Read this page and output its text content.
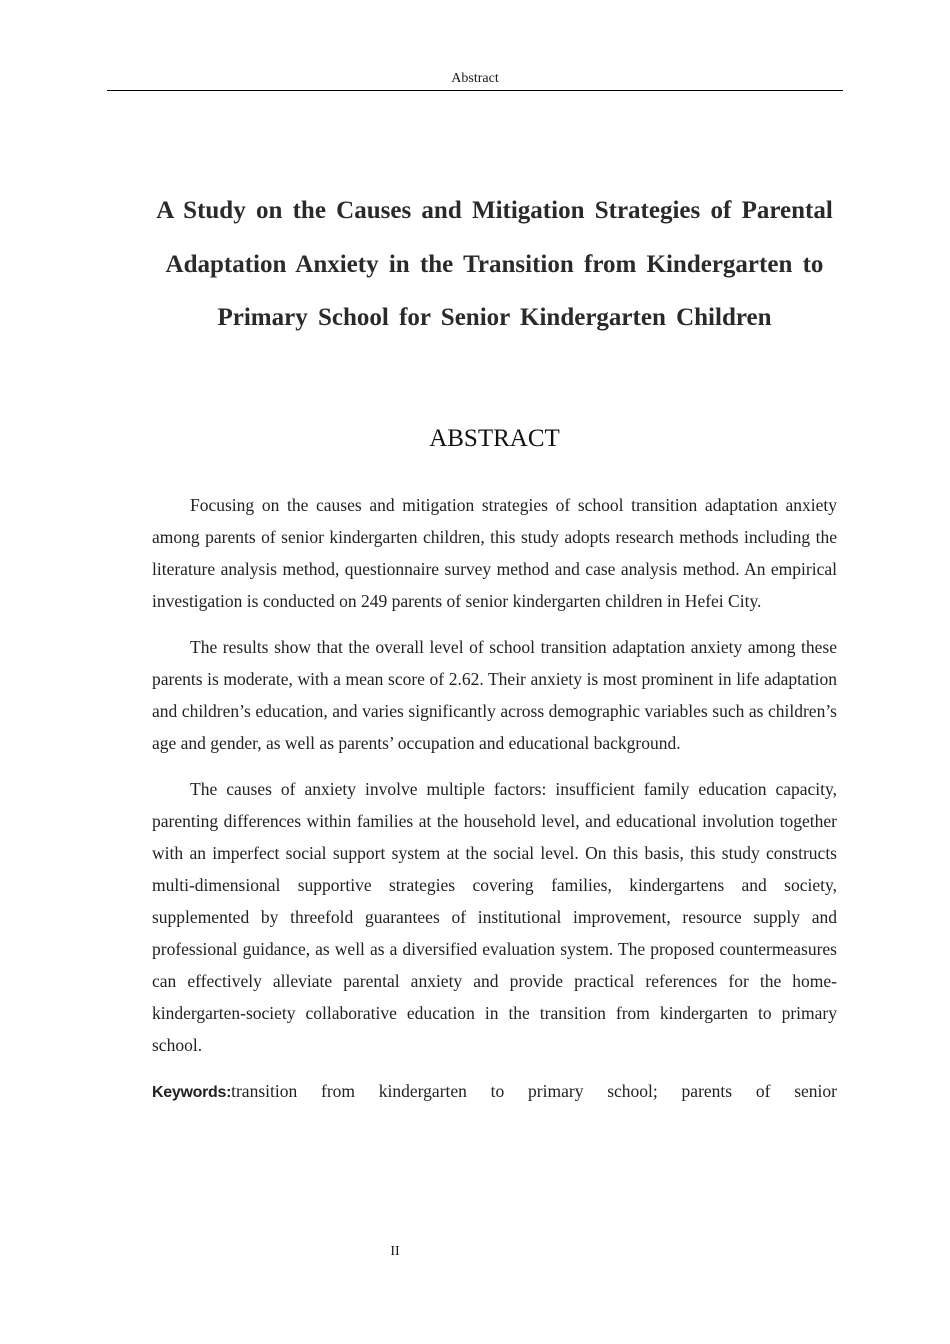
Abstract
A Study on the Causes and Mitigation Strategies of Parental Adaptation Anxiety in the Transition from Kindergarten to Primary School for Senior Kindergarten Children
ABSTRACT

Focusing on the causes and mitigation strategies of school transition adaptation anxiety among parents of senior kindergarten children, this study adopts research methods including the literature analysis method, questionnaire survey method and case analysis method. An empirical investigation is conducted on 249 parents of senior kindergarten children in Hefei City.

The results show that the overall level of school transition adaptation anxiety among these parents is moderate, with a mean score of 2.62. Their anxiety is most prominent in life adaptation and children’s education, and varies significantly across demographic variables such as children’s age and gender, as well as parents’ occupation and educational background.

The causes of anxiety involve multiple factors: insufficient family education capacity, parenting differences within families at the household level, and educational involution together with an imperfect social support system at the social level. On this basis, this study constructs multi-dimensional supportive strategies covering families, kindergartens and society, supplemented by threefold guarantees of institutional improvement, resource supply and professional guidance, as well as a diversified evaluation system. The proposed countermeasures can effectively alleviate parental anxiety and provide practical references for the home-kindergarten-society collaborative education in the transition from kindergarten to primary school.

Keywords:transition from kindergarten to primary school; parents of senior

II
